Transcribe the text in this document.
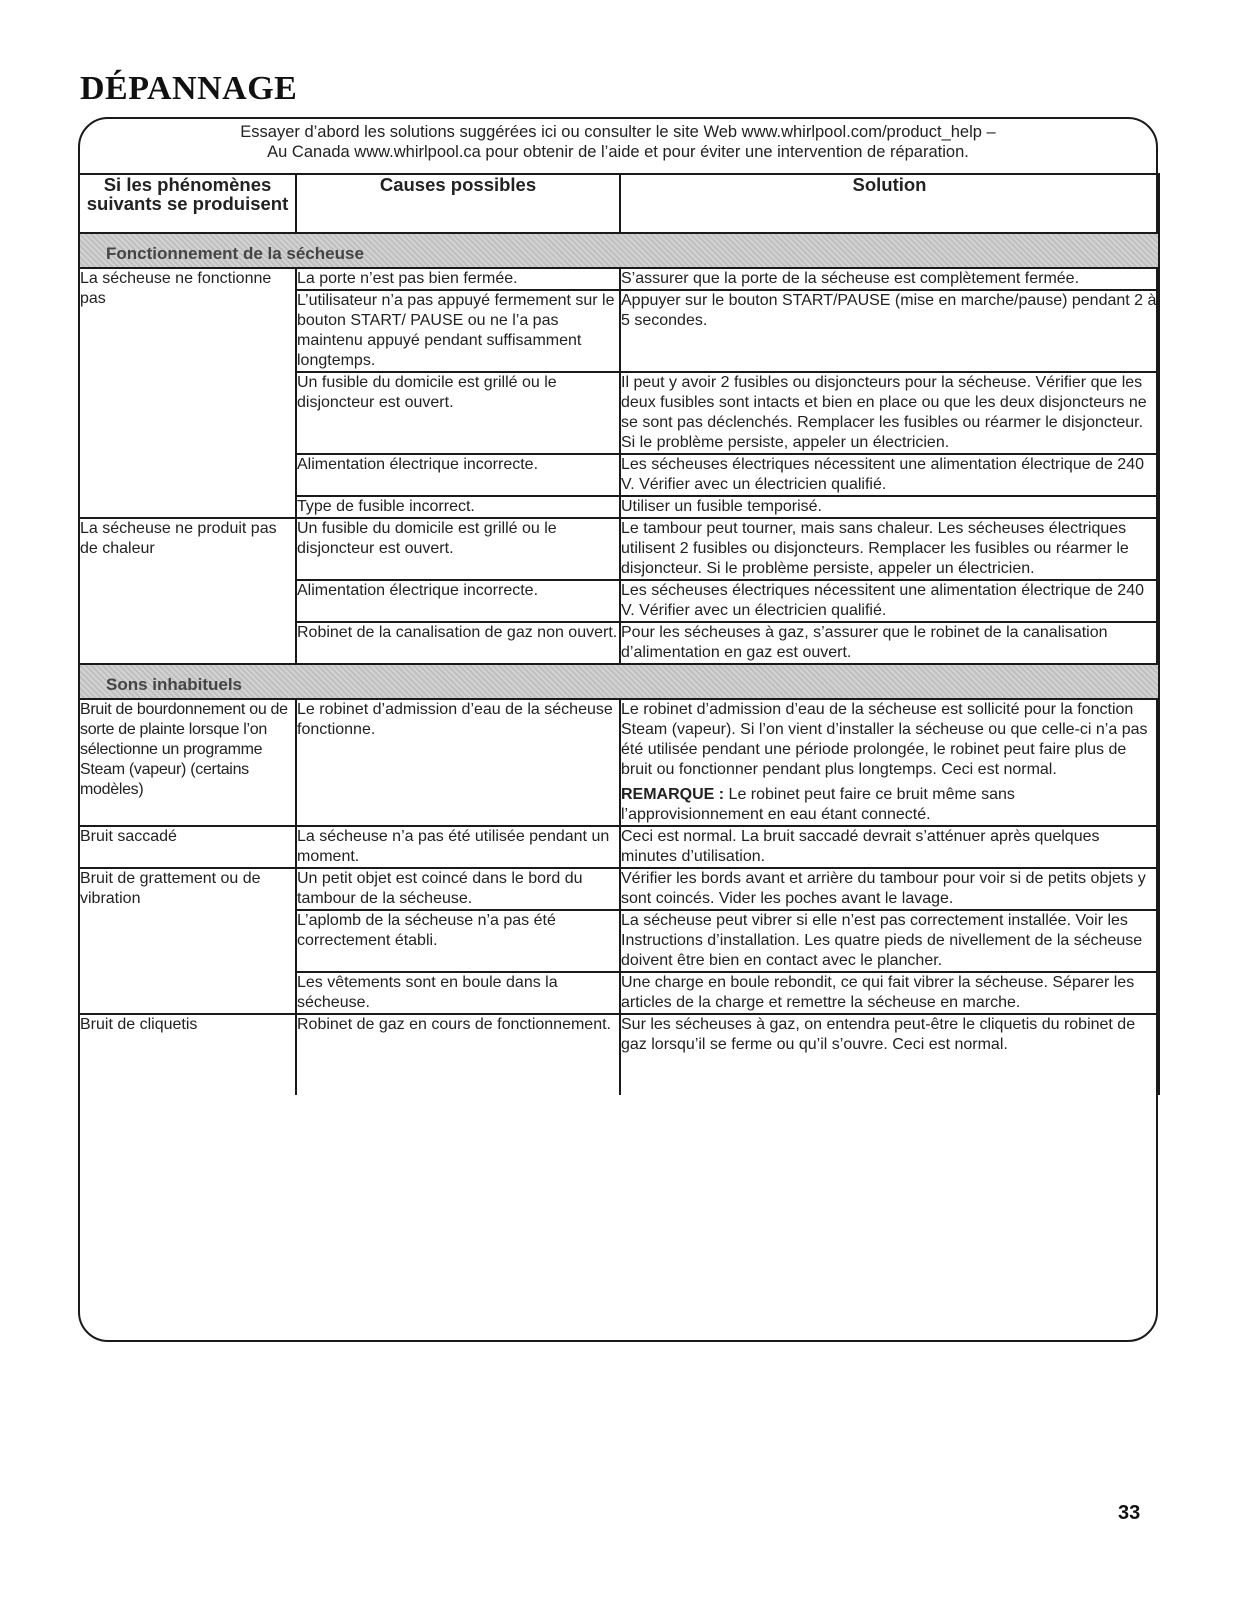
DÉPANNAGE
Essayer d’abord les solutions suggérées ici ou consulter le site Web www.whirlpool.com/product_help –
Au Canada www.whirlpool.ca pour obtenir de l’aide et pour éviter une intervention de réparation.
Si les phénomènes suivants se produisent	Causes possibles	Solution
Fonctionnement de la sécheuse		
La sécheuse ne fonctionne pas	La porte n’est pas bien fermée.	S’assurer que la porte de la sécheuse est complètement fermée.
	L’utilisateur n’a pas appuyé fermement sur le bouton START/ PAUSE ou ne l’a pas maintenu appuyé pendant suffisamment longtemps.	Appuyer sur le bouton START/PAUSE (mise en marche/pause) pendant 2 à 5 secondes.
	Un fusible du domicile est grillé ou le disjoncteur est ouvert.	Il peut y avoir 2 fusibles ou disjoncteurs pour la sécheuse. Vérifier que les deux fusibles sont intacts et bien en place ou que les deux disjoncteurs ne se sont pas déclenchés. Remplacer les fusibles ou réarmer le disjoncteur. Si le problème persiste, appeler un électricien.
	Alimentation électrique incorrecte.	Les sécheuses électriques nécessitent une alimentation électrique de 240 V. Vérifier avec un électricien qualifié.
	Type de fusible incorrect.	Utiliser un fusible temporisé.
La sécheuse ne produit pas de chaleur	Un fusible du domicile est grillé ou le disjoncteur est ouvert.	Le tambour peut tourner, mais sans chaleur. Les sécheuses électriques utilisent 2 fusibles ou disjoncteurs. Remplacer les fusibles ou réarmer le disjoncteur. Si le problème persiste, appeler un électricien.
	Alimentation électrique incorrecte.	Les sécheuses électriques nécessitent une alimentation électrique de 240 V. Vérifier avec un électricien qualifié.
	Robinet de la canalisation de gaz non ouvert.	Pour les sécheuses à gaz, s’assurer que le robinet de la canalisation d’alimentation en gaz est ouvert.
Sons inhabituels		
Bruit de bourdonnement ou de sorte de plainte lorsque l’on sélectionne un programme Steam (vapeur) (certains modèles)	Le robinet d’admission d’eau de la sécheuse fonctionne.	Le robinet d’admission d’eau de la sécheuse est sollicité pour la fonction Steam (vapeur). Si l’on vient d’installer la sécheuse ou que celle-ci n’a pas été utilisée pendant une période prolongée, le robinet peut faire plus de bruit ou fonctionner pendant plus longtemps. Ceci est normal.
REMARQUE : Le robinet peut faire ce bruit même sans l’approvisionnement en eau étant connecté.

Bruit saccadé	La sécheuse n’a pas été utilisée pendant un moment.	Ceci est normal. La bruit saccadé devrait s’atténuer après quelques minutes d’utilisation.
Bruit de grattement ou de vibration	Un petit objet est coincé dans le bord du tambour de la sécheuse.	Vérifier les bords avant et arrière du tambour pour voir si de petits objets y sont coincés. Vider les poches avant le lavage.
	L’aplomb de la sécheuse n’a pas été correctement établi.	La sécheuse peut vibrer si elle n’est pas correctement installée. Voir les Instructions d’installation. Les quatre pieds de nivellement de la sécheuse doivent être bien en contact avec le plancher.
	Les vêtements sont en boule dans la sécheuse.	Une charge en boule rebondit, ce qui fait vibrer la sécheuse. Séparer les articles de la charge et remettre la sécheuse en marche.
Bruit de cliquetis	Robinet de gaz en cours de fonctionnement.	Sur les sécheuses à gaz, on entendra peut-être le cliquetis du robinet de gaz lorsqu’il se ferme ou qu’il s’ouvre. Ceci est normal.
33
